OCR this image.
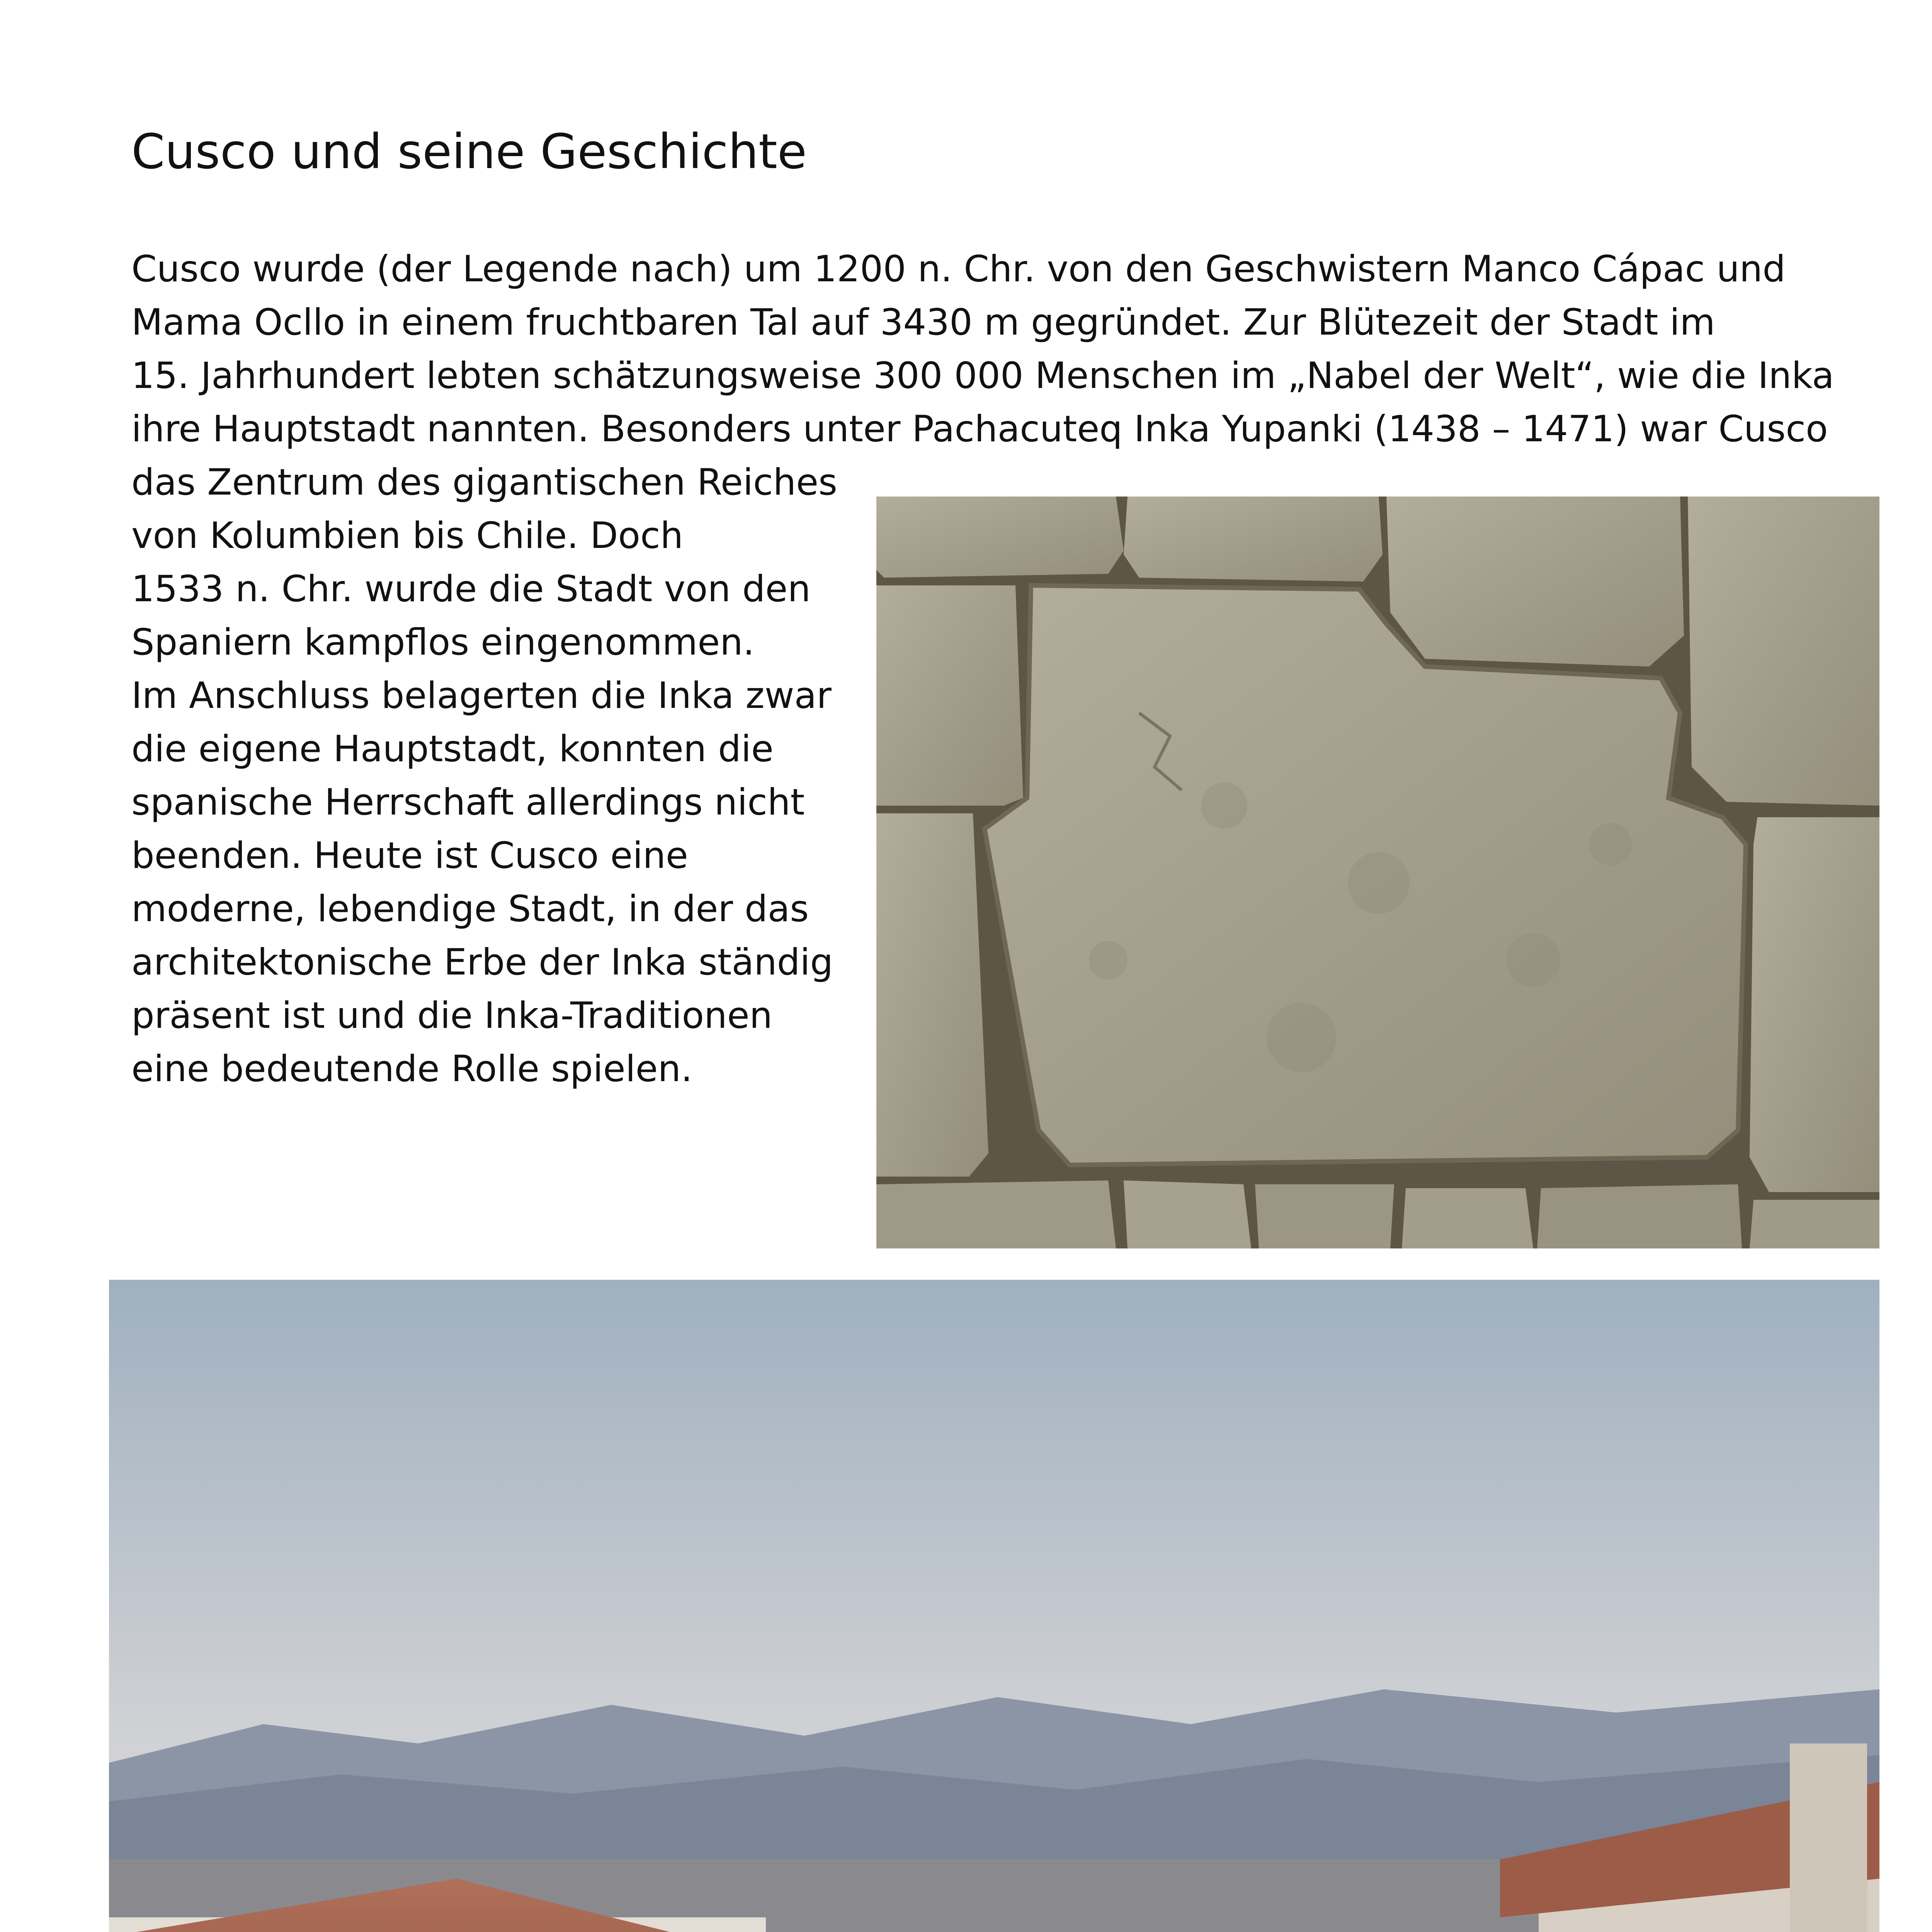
Cusco und seine Geschichte
Cusco wurde (der Legende nach) um 1200 n. Chr. von den Geschwistern Manco Cápac und
Mama Ocllo in einem fruchtbaren Tal auf 3430 m gegründet. Zur Blütezeit der Stadt im
15. Jahrhundert lebten schätzungsweise 300 000 Menschen im „Nabel der Welt“, wie die Inka
ihre Hauptstadt nannten. Besonders unter Pachacuteq Inka Yupanki (1438 – 1471) war Cusco
das Zentrum des gigantischen Reiches
von Kolumbien bis Chile. Doch
1533 n. Chr. wurde die Stadt von den
Spaniern kampflos eingenommen.
Im Anschluss belagerten die Inka zwar
die eigene Hauptstadt, konnten die
spanische Herrschaft allerdings nicht
beenden. Heute ist Cusco eine
moderne, lebendige Stadt, in der das
architektonische Erbe der Inka ständig
präsent ist und die Inka-Traditionen
eine bedeutende Rolle spielen.
